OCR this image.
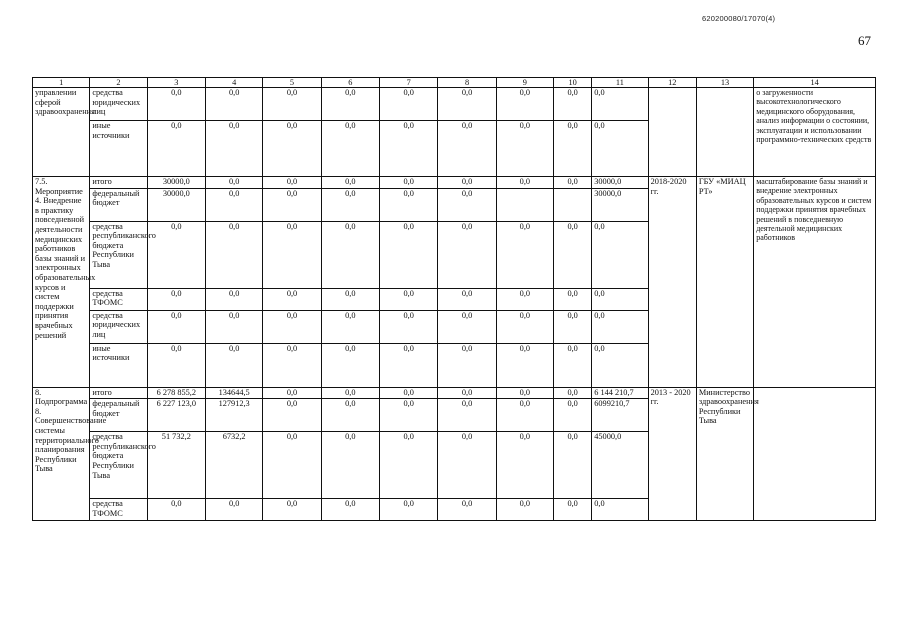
620200080/17070(4)
67
1	2	3	4	5	6	7	8	9	10	11	12	13	14
управлении сферой здравоохранения	средства юридических лиц	0,0	0,0	0,0	0,0	0,0	0,0	0,0	0,0	0,0			о загруженности высокотехнологического медицинского оборудования, анализ информации о состоянии, эксплуатации и использовании программно-технических средств
	иные источники	0,0	0,0	0,0	0,0	0,0	0,0	0,0	0,0	0,0			
7.5. Мероприятие 4. Внедрение в практику повседневной деятельности медицинских работников базы знаний и электронных образовательных курсов и систем поддержки принятия врачебных решений	итого	30000,0	0,0	0,0	0,0	0,0	0,0	0,0	0,0	30000,0	2018-2020 гг.	ГБУ «МИАЦ РТ»	масштабирование базы знаний и внедрение электронных образовательных курсов и систем поддержки принятия врачебных решений в повседневную деятельной медицинских работников
	федеральный бюджет	30000,0	0,0	0,0	0,0	0,0	0,0			30000,0			
	средства республиканского бюджета Республики Тыва	0,0	0,0	0,0	0,0	0,0	0,0	0,0	0,0	0,0			
	средства ТФОМС	0,0	0,0	0,0	0,0	0,0	0,0	0,0	0,0	0,0			
	средства юридических лиц	0,0	0,0	0,0	0,0	0,0	0,0	0,0	0,0	0,0			
	иные источники	0,0	0,0	0,0	0,0	0,0	0,0	0,0	0,0	0,0			
8. Подпрограмма 8. Совершенствование системы территориального планирования Республики Тыва	итого	6 278 855,2	134644,5	0,0	0,0	0,0	0,0	0,0	0,0	6 144 210,7	2013 - 2020 гг.	Министерство здравоохранения Республики Тыва	
	федеральный бюджет	6 227 123,0	127912,3	0,0	0,0	0,0	0,0	0,0	0,0	6099210,7			
	средства республиканского бюджета Республики Тыва	51 732,2	6732,2	0,0	0,0	0,0	0,0	0,0	0,0	45000,0			
	средства ТФОМС	0,0	0,0	0,0	0,0	0,0	0,0	0,0	0,0	0,0			
